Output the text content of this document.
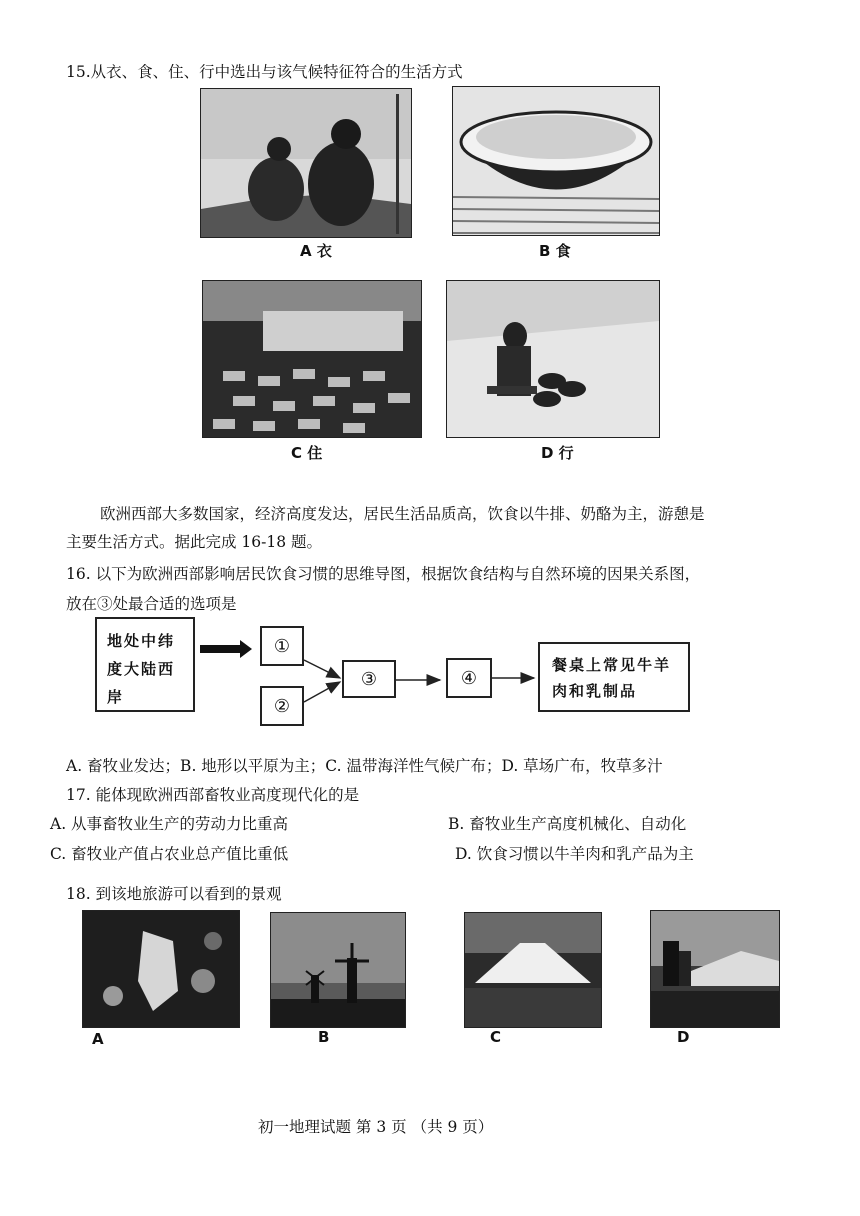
15.从衣、食、住、行中选出与该气候特征符合的生活方式
A 衣	B 食
C 住	D 行
欧洲西部大多数国家，经济高度发达，居民生活品质高，饮食以牛排、奶酪为主，游憩是
主要生活方式。据此完成 16-18 题。
16. 以下为欧洲西部影响居民饮食习惯的思维导图，根据饮食结构与自然环境的因果关系图，
放在③处最合适的选项是
地处中纬度大陆西岸
①
②
③	④
餐桌上常见牛羊肉和乳制品
A. 畜牧业发达；B. 地形以平原为主；C. 温带海洋性气候广布；D. 草场广布，牧草多汁
17. 能体现欧洲西部畜牧业高度现代化的是
A. 从事畜牧业生产的劳动力比重高	B. 畜牧业生产高度机械化、自动化
C. 畜牧业产值占农业总产值比重低	D. 饮食习惯以牛羊肉和乳产品为主
18. 到该地旅游可以看到的景观
A	B	C	D
初一地理试题 第 3 页 （共 9 页）
